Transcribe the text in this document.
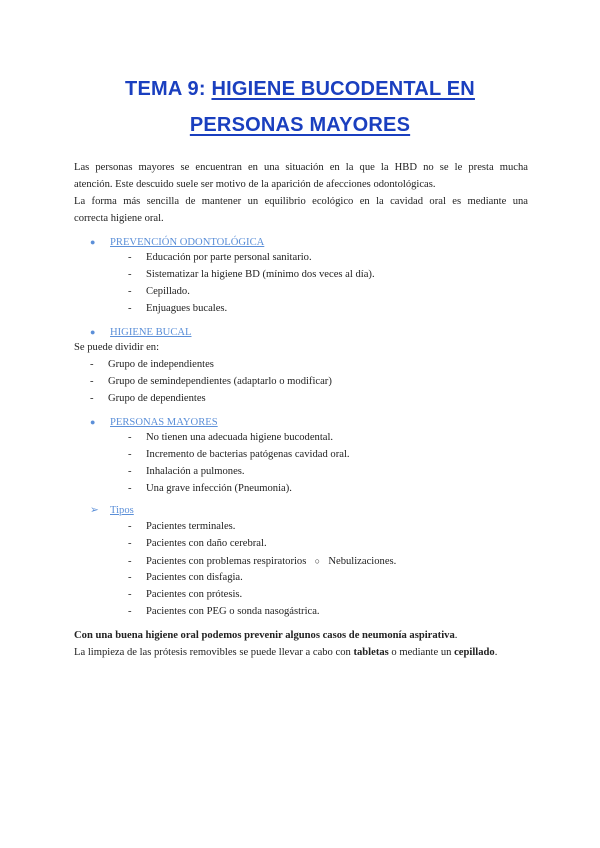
TEMA 9: HIGIENE BUCODENTAL EN
PERSONAS MAYORES
Las personas mayores se encuentran en una situación en la que la HBD no se le presta mucha
atención. Este descuido suele ser motivo de la aparición de afecciones odontológicas.
La forma más sencilla de mantener un equilibrio ecológico en la cavidad oral es mediante una
correcta higiene oral.
● PREVENCIÓN ODONTOLÓGICA
- Educación por parte personal sanitario.
- Sistematizar la higiene BD (mínimo dos veces al día).
- Cepillado.
- Enjuagues bucales.
● HIGIENE BUCAL
Se puede dividir en:
- Grupo de independientes
- Grupo de semindependientes (adaptarlo o modificar)
- Grupo de dependientes
● PERSONAS MAYORES
- No tienen una adecuada higiene bucodental.
- Incremento de bacterias patógenas cavidad oral.
- Inhalación a pulmones.
- Una grave infección (Pneumonia).
➢ Tipos
- Pacientes terminales.
- Pacientes con daño cerebral.
- Pacientes con problemas respiratorios ○ Nebulizaciones.
- Pacientes con disfagia.
- Pacientes con prótesis.
- Pacientes con PEG o sonda nasogástrica.
Con una buena higiene oral podemos prevenir algunos casos de neumonía aspirativa.
La limpieza de las prótesis removibles se puede llevar a cabo con tabletas o mediante un cepillado.
